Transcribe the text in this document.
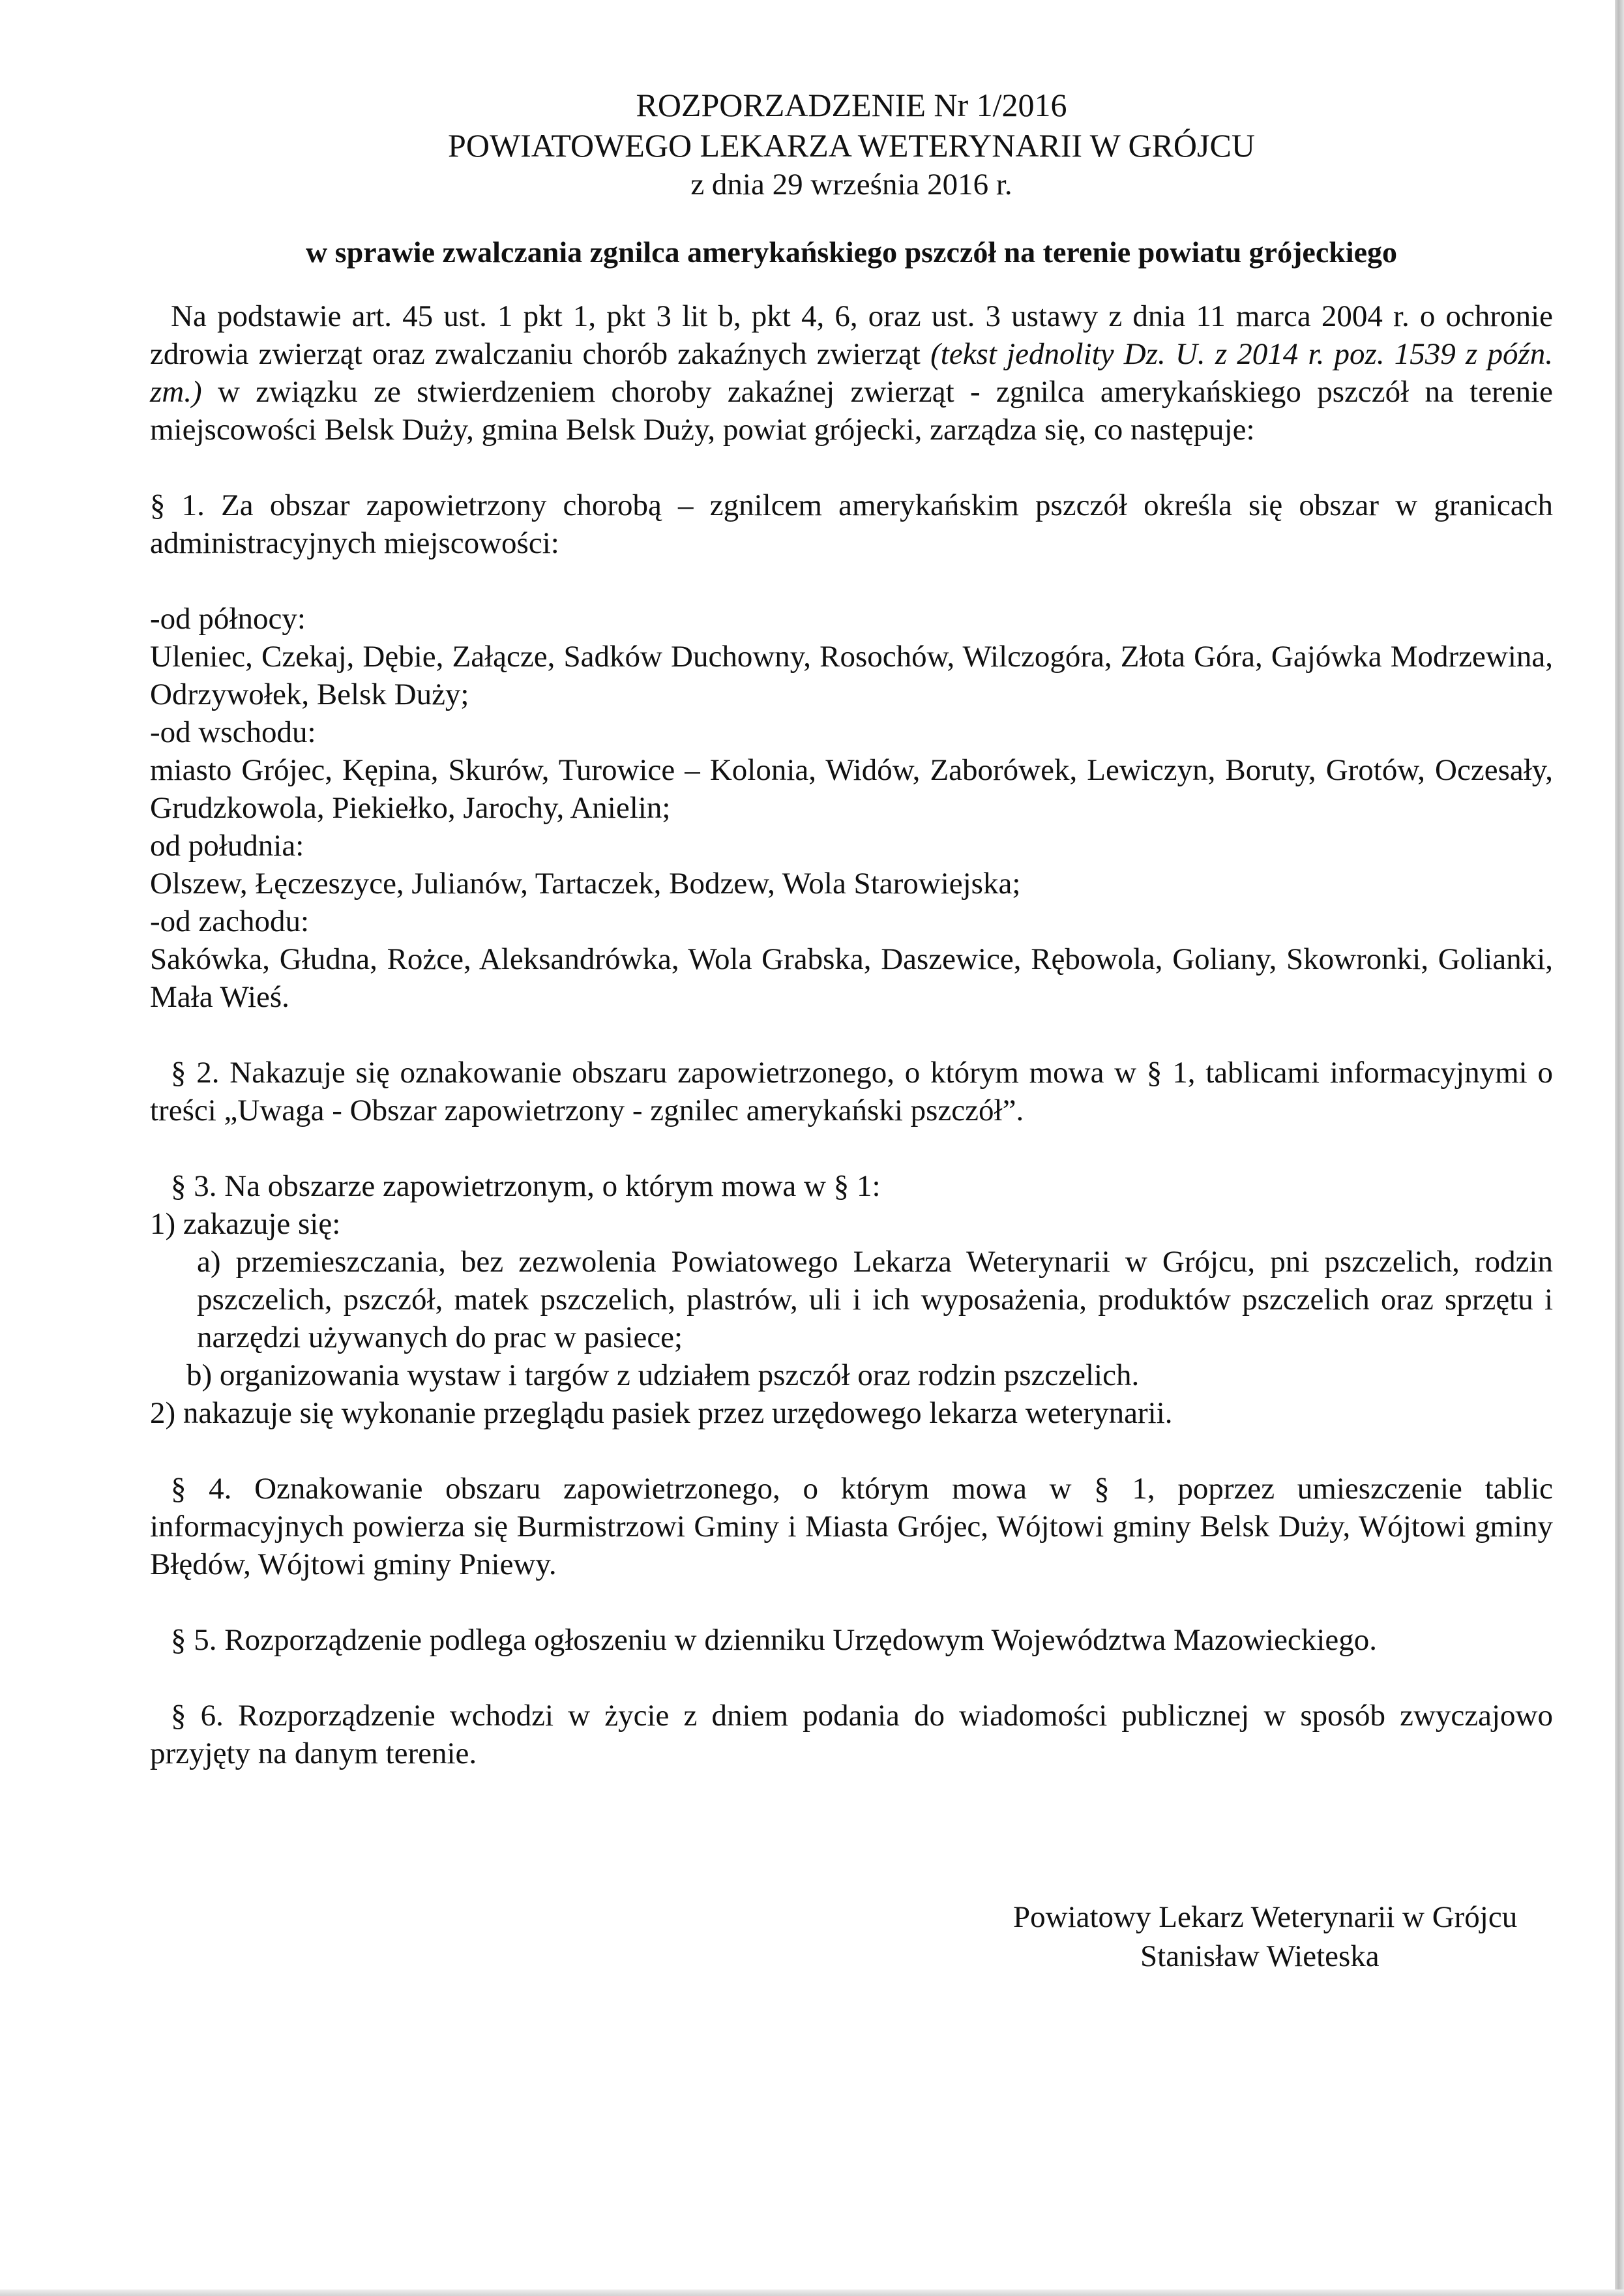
ROZPORZADZENIE Nr 1/2016
POWIATOWEGO LEKARZA WETERYNARII W GRÓJCU
z dnia 29 września 2016 r.
w sprawie zwalczania zgnilca amerykańskiego pszczół na terenie powiatu grójeckiego

Na podstawie art. 45 ust. 1 pkt 1, pkt 3 lit b, pkt 4, 6, oraz ust. 3 ustawy z dnia 11 marca 2004 r. o ochronie zdrowia zwierząt oraz zwalczaniu chorób zakaźnych zwierząt (tekst jednolity Dz. U. z 2014 r. poz. 1539 z późn. zm.) w związku ze stwierdzeniem choroby zakaźnej zwierząt - zgnilca amerykańskiego pszczół na terenie miejscowości Belsk Duży, gmina Belsk Duży, powiat grójecki, zarządza się, co następuje:

§ 1. Za obszar zapowietrzony chorobą – zgnilcem amerykańskim pszczół określa się obszar w granicach administracyjnych miejscowości:

-od północy:

Uleniec, Czekaj, Dębie, Załącze, Sadków Duchowny, Rosochów, Wilczogóra, Złota Góra, Gajówka Modrzewina, Odrzywołek, Belsk Duży;

-od wschodu:

miasto Grójec, Kępina, Skurów, Turowice – Kolonia, Widów, Zaborówek, Lewiczyn, Boruty, Grotów, Oczesały, Grudzkowola, Piekiełko, Jarochy, Anielin;

od południa:

Olszew, Łęczeszyce, Julianów, Tartaczek, Bodzew, Wola Starowiejska;

-od zachodu:

Sakówka, Głudna, Rożce, Aleksandrówka, Wola Grabska, Daszewice, Rębowola, Goliany, Skowronki, Golianki, Mała Wieś.

§ 2. Nakazuje się oznakowanie obszaru zapowietrzonego, o którym mowa w § 1, tablicami informacyjnymi o treści „Uwaga - Obszar zapowietrzony - zgnilec amerykański pszczół”.

§ 3. Na obszarze zapowietrzonym, o którym mowa w § 1:

1) zakazuje się:

a) przemieszczania, bez zezwolenia Powiatowego Lekarza Weterynarii w Grójcu, pni pszczelich, rodzin pszczelich, pszczół, matek pszczelich, plastrów, uli i ich wyposażenia, produktów pszczelich oraz sprzętu i narzędzi używanych do prac w pasiece;

b) organizowania wystaw i targów z udziałem pszczół oraz rodzin pszczelich.

2) nakazuje się wykonanie przeglądu pasiek przez urzędowego lekarza weterynarii.

§ 4. Oznakowanie obszaru zapowietrzonego, o którym mowa w § 1, poprzez umieszczenie tablic informacyjnych powierza się Burmistrzowi Gminy i Miasta Grójec, Wójtowi gminy Belsk Duży, Wójtowi gminy Błędów, Wójtowi gminy Pniewy.

§ 5. Rozporządzenie podlega ogłoszeniu w dzienniku Urzędowym Województwa Mazowieckiego.

§ 6. Rozporządzenie wchodzi w życie z dniem podania do wiadomości publicznej w sposób zwyczajowo przyjęty na danym terenie.

Powiatowy Lekarz Weterynarii w Grójcu
Stanisław Wieteska
